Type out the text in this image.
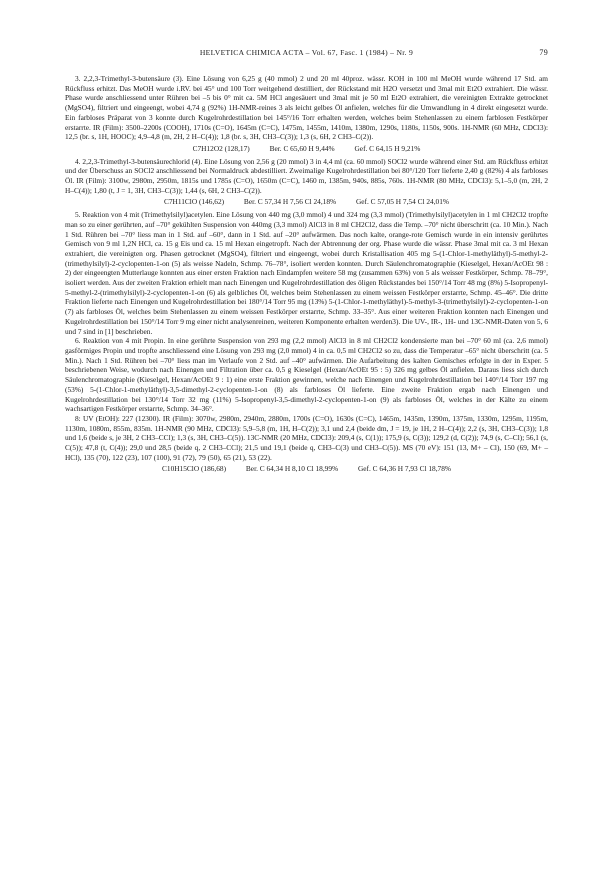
HELVETICA CHIMICA ACTA – Vol. 67, Fasc. 1 (1984) – Nr. 9	79

3. 2,2,3-Trimethyl-3-butensäure (3). Eine Lösung von 6,25 g (40 mmol) 2 und 20 ml 40proz. wässr. KOH in 100 ml MeOH wurde während 17 Std. am Rückfluss erhitzt. Das MeOH wurde i.RV. bei 45° und 100 Torr weitgehend destilliert, der Rückstand mit H2O versetzt und 3mal mit Et2O extrahiert. Die wässr. Phase wurde anschliessend unter Rühren bei –5 bis 0° mit ca. 5M HCl angesäuert und 3mal mit je 50 ml Et2O extrahiert, die vereinigten Extrakte getrocknet (MgSO4), filtriert und eingeengt, wobei 4,74 g (92%) 1H-NMR-reines 3 als leicht gelbes Öl anfielen, welches für die Umwandlung in 4 direkt eingesetzt wurde. Ein farbloses Präparat von 3 konnte durch Kugelrohrdestillation bei 145°/16 Torr erhalten werden, welches beim Stehenlassen zu einem farblosen Festkörper erstarrte. IR (Film): 3500–2200s (COOH), 1710s (C=O), 1645m (C=C), 1475m, 1455m, 1410m, 1380m, 1290s, 1180s, 1150s, 900s. 1H-NMR (60 MHz, CDCl3): 12,5 (br. s, 1H, HOOC); 4,9–4,8 (m, 2H, 2 H–C(4)); 1,8 (br. s, 3H, CH3–C(3)); 1,3 (s, 6H, 2 CH3–C(2)).

C7H12O2 (128,17)	Ber. C 65,60 H 9,44%	Gef. C 64,15 H 9,21%

4. 2,2,3-Trimethyl-3-butensäurechlorid (4). Eine Lösung von 2,56 g (20 mmol) 3 in 4,4 ml (ca. 60 mmol) SOCl2 wurde während einer Std. am Rückfluss erhitzt und der Überschuss an SOCl2 anschliessend bei Normaldruck abdestilliert. Zweimalige Kugelrohrdestillation bei 80°/120 Torr lieferte 2,40 g (82%) 4 als farbloses Öl. IR (Film): 3100w, 2980m, 2950m, 1815s und 1785s (C=O), 1650m (C=C), 1460 m, 1385m, 940s, 885s, 760s. 1H-NMR (80 MHz, CDCl3): 5,1–5,0 (m, 2H, 2 H–C(4)); 1,80 (t, J = 1, 3H, CH3–C(3)); 1,44 (s, 6H, 2 CH3–C(2)).

C7H11ClO (146,62)	Ber. C 57,34 H 7,56 Cl 24,18%	Gef. C 57,05 H 7,54 Cl 24,01%

5. Reaktion von 4 mit (Trimethylsilyl)acetylen. Eine Lösung von 440 mg (3,0 mmol) 4 und 324 mg (3,3 mmol) (Trimethylsilyl)acetylen in 1 ml CH2Cl2 tropfte man so zu einer gerührten, auf –70° gekühlten Suspension von 440mg (3,3 mmol) AlCl3 in 8 ml CH2Cl2, dass die Temp. –70° nicht überschritt (ca. 10 Min.). Nach 1 Std. Rühren bei –70° liess man in 1 Std. auf –60°, dann in 1 Std. auf –20° aufwärmen. Das noch kalte, orange-rote Gemisch wurde in ein intensiv gerührtes Gemisch von 9 ml 1,2N HCl, ca. 15 g Eis und ca. 15 ml Hexan eingetropft. Nach der Abtrennung der org. Phase wurde die wässr. Phase 3mal mit ca. 3 ml Hexan extrahiert, die vereinigten org. Phasen getrocknet (MgSO4), filtriert und eingeengt, wobei durch Kristallisation 405 mg 5-(1-Chlor-1-methyläthyl)-5-methyl-2-(trimethylsilyl)-2-cyclopenten-1-on (5) als weisse Nadeln, Schmp. 76–78°, isoliert werden konnten. Durch Säulenchromatographie (Kieselgel, Hexan/AcOEt 98 : 2) der eingeengten Mutterlauge konnten aus einer ersten Fraktion nach Eindampfen weitere 58 mg (zusammen 63%) von 5 als weisser Festkörper, Schmp. 78–79°, isoliert werden. Aus der zweiten Fraktion erhielt man nach Einengen und Kugelrohrdestillation des öligen Rückstandes bei 150°/14 Torr 48 mg (8%) 5-Isopropenyl-5-methyl-2-(trimethylsilyl)-2-cyclopenten-1-on (6) als gelbliches Öl, welches beim Stehenlassen zu einem weissen Festkörper erstarrte, Schmp. 45–46°. Die dritte Fraktion lieferte nach Einengen und Kugelrohrdestillation bei 180°/14 Torr 95 mg (13%) 5-(1-Chlor-1-methyläthyl)-5-methyl-3-(trimethylsilyl)-2-cyclopenten-1-on (7) als farbloses Öl, welches beim Stehenlassen zu einem weissen Festkörper erstarrte, Schmp. 33–35°. Aus einer weiteren Fraktion konnten nach Einengen und Kugelrohrdestillation bei 150°/14 Torr 9 mg einer nicht analysenreinen, weiteren Komponente erhalten werden3). Die UV-, IR-, 1H- und 13C-NMR-Daten von 5, 6 und 7 sind in [1] beschrieben.

6. Reaktion von 4 mit Propin. In eine gerührte Suspension von 293 mg (2,2 mmol) AlCl3 in 8 ml CH2Cl2 kondensierte man bei –70° 60 ml (ca. 2,6 mmol) gasförmiges Propin und tropfte anschliessend eine Lösung von 293 mg (2,0 mmol) 4 in ca. 0,5 ml CH2Cl2 so zu, dass die Temperatur –65° nicht überschritt (ca. 5 Min.). Nach 1 Std. Rühren bei –70° liess man im Verlaufe von 2 Std. auf –40° aufwärmen. Die Aufarbeitung des kalten Gemisches erfolgte in der in Exper. 5 beschriebenen Weise, wodurch nach Einengen und Filtration über ca. 0,5 g Kieselgel (Hexan/AcOEt 95 : 5) 326 mg gelbes Öl anfielen. Daraus liess sich durch Säulenchromatographie (Kieselgel, Hexan/AcOEt 9 : 1) eine erste Fraktion gewinnen, welche nach Einengen und Kugelrohrdestillation bei 140°/14 Torr 197 mg (53%) 5-(1-Chlor-1-methyläthyl)-3,5-dimethyl-2-cyclopenten-1-on (8) als farbloses Öl lieferte. Eine zweite Fraktion ergab nach Einengen und Kugelrohrdestillation bei 130°/14 Torr 32 mg (11%) 5-Isopropenyl-3,5-dimethyl-2-cyclopenten-1-on (9) als farbloses Öl, welches in der Kälte zu einem wachsartigen Festkörper erstarrte, Schmp. 34–36°.

8: UV (EtOH): 227 (12300). IR (Film): 3070w, 2980m, 2940m, 2880m, 1700s (C=O), 1630s (C=C), 1465m, 1435m, 1390m, 1375m, 1330m, 1295m, 1195m, 1130m, 1080m, 855m, 835m. 1H-NMR (90 MHz, CDCl3): 5,9–5,8 (m, 1H, H–C(2)); 3,1 und 2,4 (beide dm, J = 19, je 1H, 2 H–C(4)); 2,2 (s, 3H, CH3–C(3)); 1,8 und 1,6 (beide s, je 3H, 2 CH3–CCl); 1,3 (s, 3H, CH3–C(5)). 13C-NMR (20 MHz, CDCl3): 209,4 (s, C(1)); 175,9 (s, C(3)); 129,2 (d, C(2)); 74,9 (s, C–Cl); 56,1 (s, C(5)); 47,8 (t, C(4)); 29,0 und 28,5 (beide q, 2 CH3–CCl); 21,5 und 19,1 (beide q, CH3–C(3) und CH3–C(5)). MS (70 eV): 151 (13, M+ – Cl), 150 (69, M+ – HCl), 135 (70), 122 (23), 107 (100), 91 (72), 79 (50), 65 (21), 53 (22).

C10H15ClO (186,68)	Ber. C 64,34 H 8,10 Cl 18,99%	Gef. C 64,36 H 7,93 Cl 18,78%
